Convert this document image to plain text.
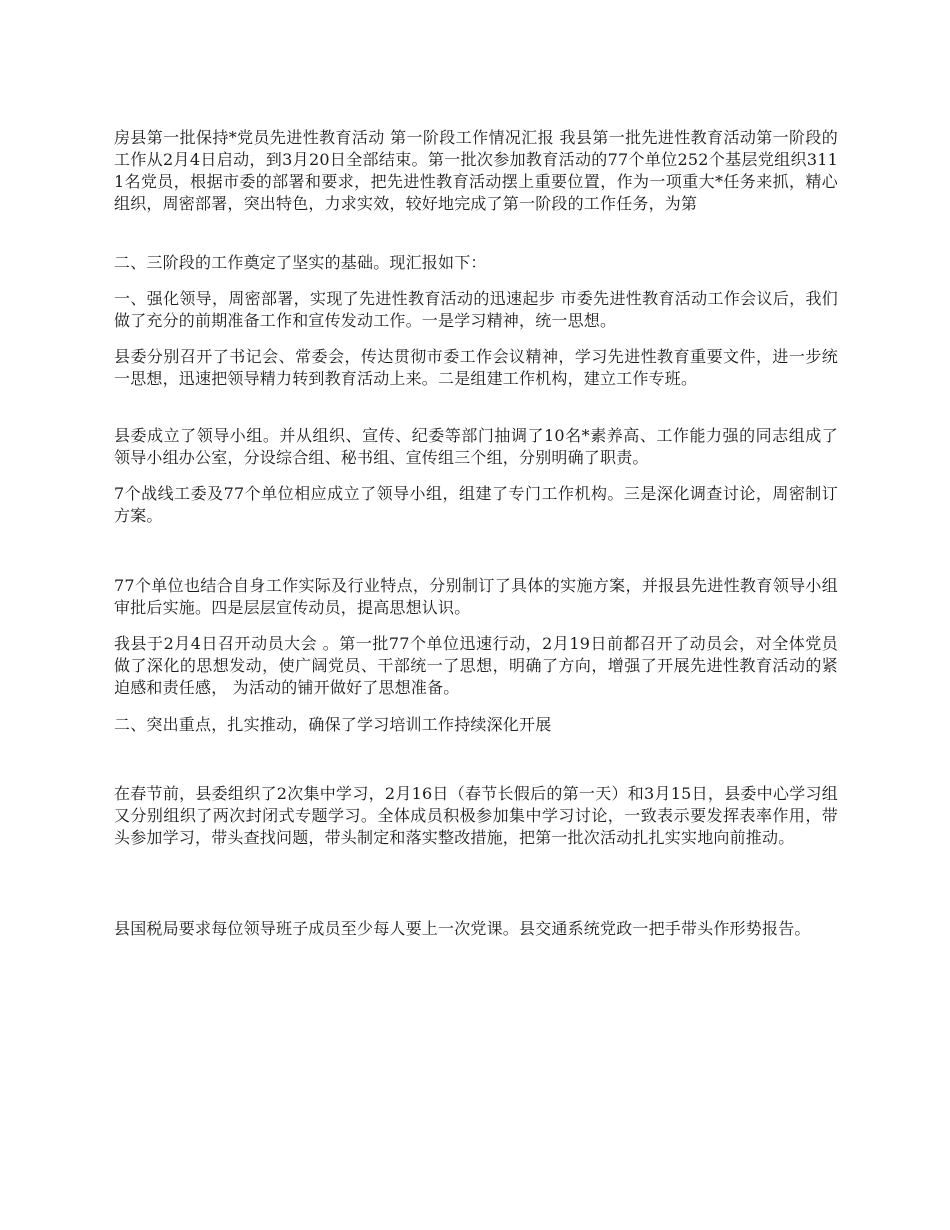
房县第一批保持*党员先进性教育活动 第一阶段工作情况汇报 我县第一批先进性教育活动第一阶段的工作从2月4日启动，到3月20日全部结束。第一批次参加教育活动的77个单位252个基层党组织3111名党员，根据市委的部署和要求，把先进性教育活动摆上重要位置，作为一项重大*任务来抓，精心组织，周密部署，突出特色，力求实效，较好地完成了第一阶段的工作任务，为第

二、三阶段的工作奠定了坚实的基础。现汇报如下：

一、强化领导，周密部署，实现了先进性教育活动的迅速起步 市委先进性教育活动工作会议后，我们做了充分的前期准备工作和宣传发动工作。一是学习精神，统一思想。

县委分别召开了书记会、常委会，传达贯彻市委工作会议精神，学习先进性教育重要文件，进一步统一思想，迅速把领导精力转到教育活动上来。二是组建工作机构，建立工作专班。

县委成立了领导小组。并从组织、宣传、纪委等部门抽调了10名*素养高、工作能力强的同志组成了领导小组办公室，分设综合组、秘书组、宣传组三个组，分别明确了职责。

7个战线工委及77个单位相应成立了领导小组，组建了专门工作机构。三是深化调查讨论，周密制订方案。

77个单位也结合自身工作实际及行业特点，分别制订了具体的实施方案，并报县先进性教育领导小组审批后实施。四是层层宣传动员，提高思想认识。

我县于2月4日召开动员大会 。第一批77个单位迅速行动，2月19日前都召开了动员会，对全体党员做了深化的思想发动，使广阔党员、干部统一了思想，明确了方向，增强了开展先进性教育活动的紧迫感和责任感， 为活动的铺开做好了思想准备。

二、突出重点，扎实推动，确保了学习培训工作持续深化开展

在春节前，县委组织了2次集中学习，2月16日（春节长假后的第一天）和3月15日，县委中心学习组又分别组织了两次封闭式专题学习。全体成员积极参加集中学习讨论，一致表示要发挥表率作用，带头参加学习，带头查找问题，带头制定和落实整改措施，把第一批次活动扎扎实实地向前推动。

县国税局要求每位领导班子成员至少每人要上一次党课。县交通系统党政一把手带头作形势报告。
